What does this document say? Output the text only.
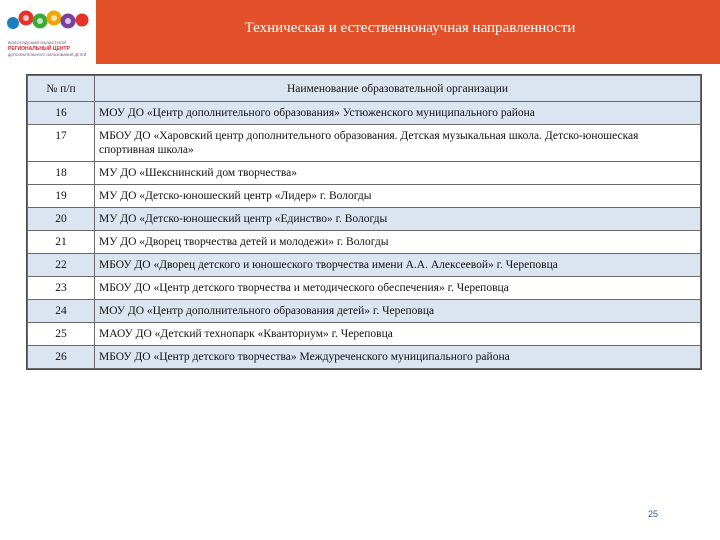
ВОЛОГОДСКИЙ ОБЛАСТНОЙ
РЕГИОНАЛЬНЫЙ ЦЕНТР
ДОПОЛНИТЕЛЬНОГО ОБРАЗОВАНИЯ ДЕТЕЙ
Техническая и естественнонаучная направленности
№ п/п	Наименование образовательной организации
16	МОУ ДО «Центр дополнительного образования» Устюженского муниципального района
17	МБОУ ДО «Харовский центр дополнительного образования. Детская музыкальная школа. Детско-юношеская спортивная школа»
18	МУ ДО «Шекснинский дом творчества»
19	МУ ДО «Детско-юношеский центр «Лидер» г. Вологды
20	МУ ДО «Детско-юношеский центр «Единство» г. Вологды
21	МУ ДО «Дворец творчества детей и молодежи» г. Вологды
22	МБОУ ДО «Дворец детского и юношеского творчества имени А.А. Алексеевой» г. Череповца
23	МБОУ ДО «Центр детского творчества и методического обеспечения» г. Череповца
24	МОУ ДО «Центр дополнительного образования детей» г. Череповца
25	МАОУ ДО «Детский технопарк «Кванториум» г. Череповца
26	МБОУ ДО «Центр детского творчества» Междуреченского муниципального района
25
